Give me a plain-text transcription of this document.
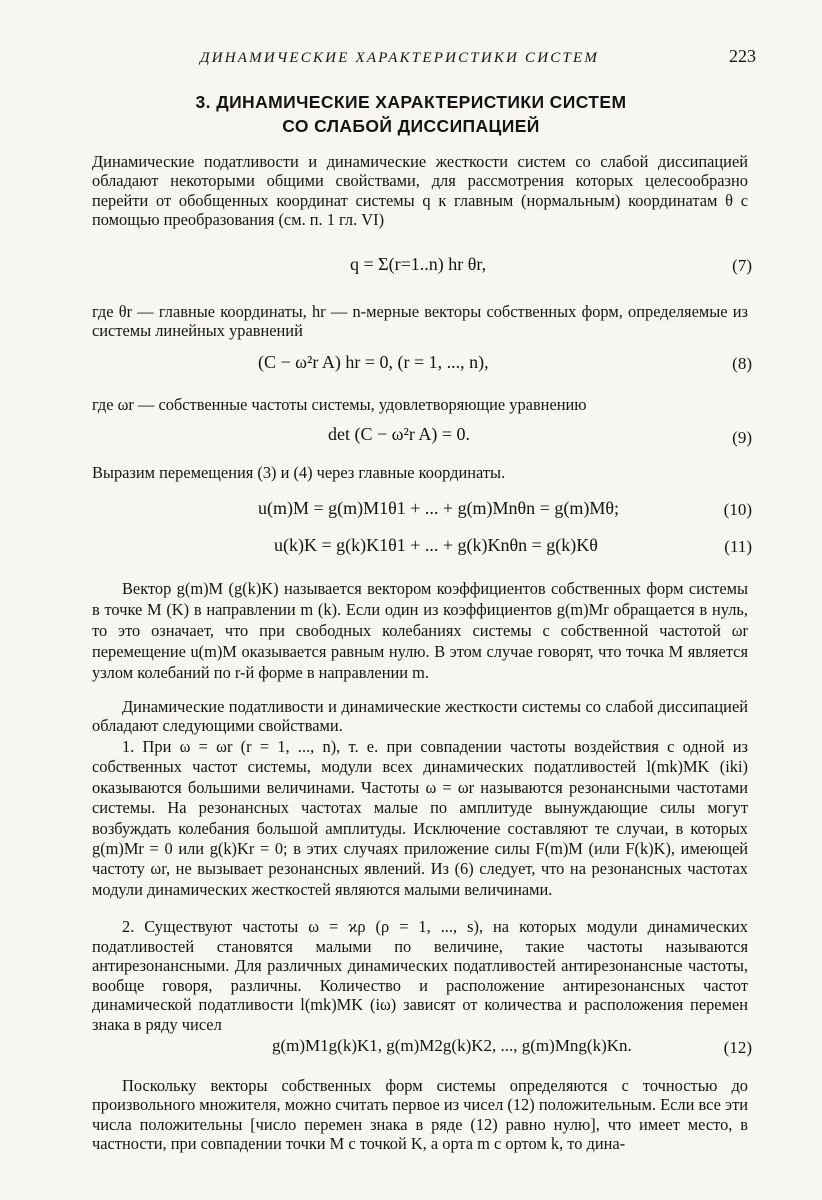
ДИНАМИЧЕСКИЕ ХАРАКТЕРИСТИКИ СИСТЕМ	223
3. ДИНАМИЧЕСКИЕ ХАРАКТЕРИСТИКИ СИСТЕМ
СО СЛАБОЙ ДИССИПАЦИЕЙ

Динамические податливости и динамические жесткости систем со слабой диссипацией обладают некоторыми общими свойствами, для рассмотрения которых целесообразно перейти от обобщенных координат системы q к главным (нормальным) координатам θ с помощью преобразования (см. п. 1 гл. VI)

q = Σ(r=1..n) hr θr,	(7)

где θr — главные координаты, hr — n-мерные векторы собственных форм, определяемые из системы линейных уравнений

(C − ω²r A) hr = 0, (r = 1, ..., n),	(8)

где ωr — собственные частоты системы, удовлетворяющие уравнению

det (C − ω²r A) = 0.	(9)

Выразим перемещения (3) и (4) через главные координаты.

u(m)M = g(m)M1θ1 + ... + g(m)Mnθn = g(m)Mθ;	(10)
u(k)K = g(k)K1θ1 + ... + g(k)Knθn = g(k)Kθ	(11)

Вектор g(m)M (g(k)K) называется вектором коэффициентов собственных форм системы в точке M (K) в направлении m (k). Если один из коэффициентов g(m)Mr обращается в нуль, то это означает, что при свободных колебаниях системы с собственной частотой ωr перемещение u(m)M оказывается равным нулю. В этом случае говорят, что точка M является узлом колебаний по r-й форме в направлении m.

Динамические податливости и динамические жесткости системы со слабой диссипацией обладают следующими свойствами.

1. При ω = ωr (r = 1, ..., n), т. е. при совпадении частоты воздействия с одной из собственных частот системы, модули всех динамических податливостей l(mk)MK (iki) оказываются большими величинами. Частоты ω = ωr называются резонансными частотами системы. На резонансных частотах малые по амплитуде вынуждающие силы могут возбуждать колебания большой амплитуды. Исключение составляют те случаи, в которых g(m)Mr = 0 или g(k)Kr = 0; в этих случаях приложение силы F(m)M (или F(k)K), имеющей частоту ωr, не вызывает резонансных явлений. Из (6) следует, что на резонансных частотах модули динамических жесткостей являются малыми величинами.

2. Существуют частоты ω = ϰρ (ρ = 1, ..., s), на которых модули динамических податливостей становятся малыми по величине, такие частоты называются антирезонансными. Для различных динамических податливостей антирезонансные частоты, вообще говоря, различны. Количество и расположение антирезонансных частот динамической податливости l(mk)MK (iω) зависят от количества и расположения перемен знака в ряду чисел

g(m)M1g(k)K1, g(m)M2g(k)K2, ..., g(m)Mng(k)Kn.	(12)

Поскольку векторы собственных форм системы определяются с точностью до произвольного множителя, можно считать первое из чисел (12) положительным. Если все эти числа положительны [число перемен знака в ряде (12) равно нулю], что имеет место, в частности, при совпадении точки M с точкой K, а орта m с ортом k, то дина-
